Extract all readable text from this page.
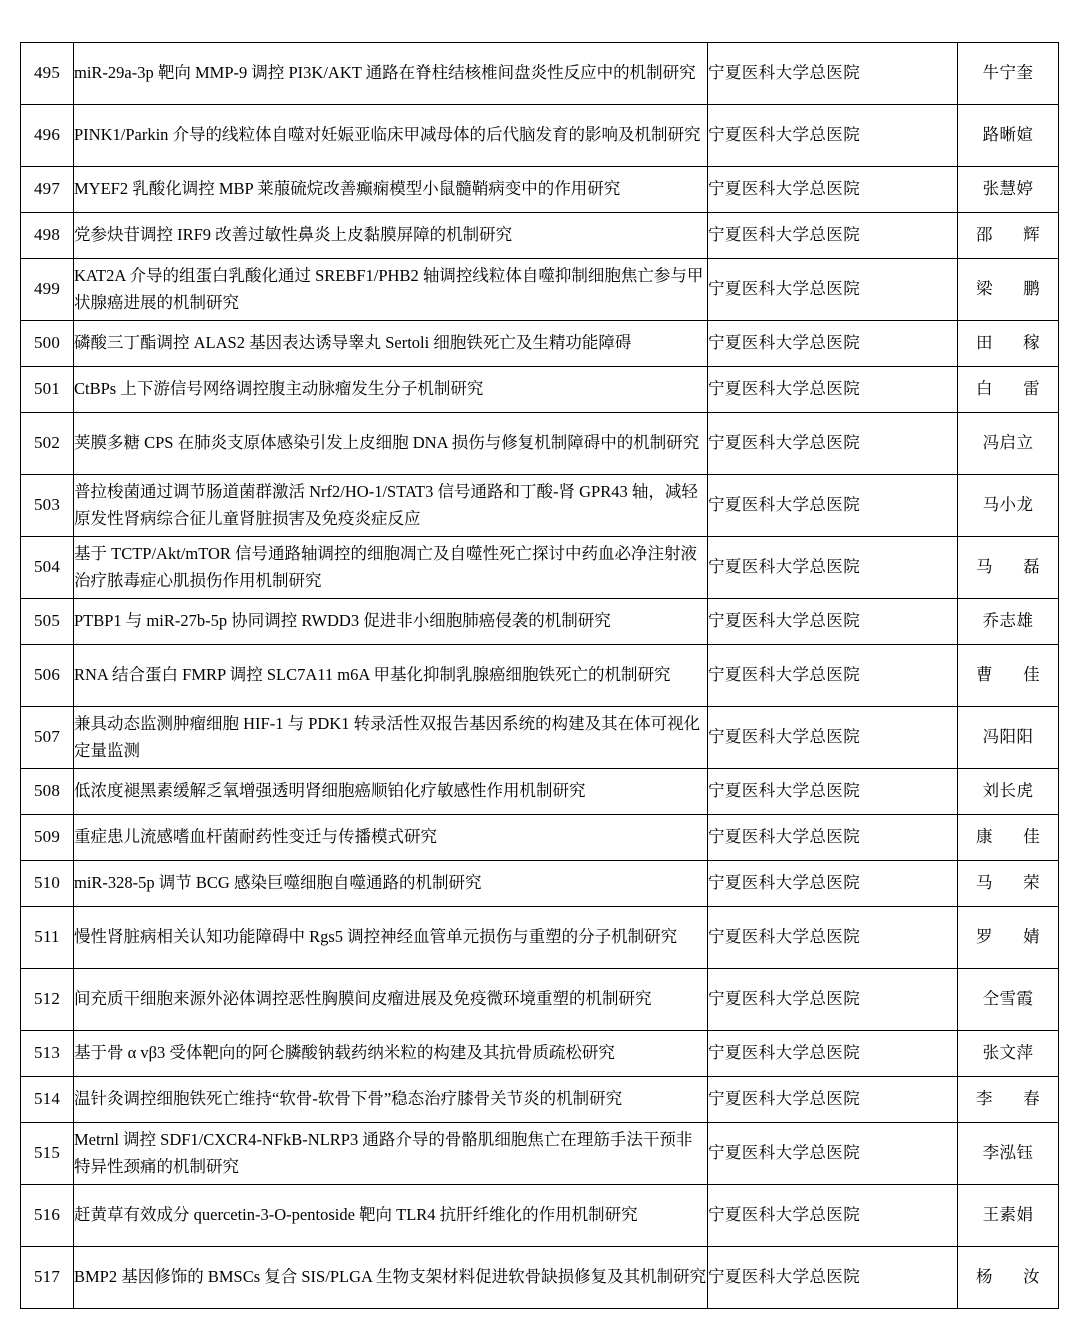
495	miR-29a-3p 靶向 MMP-9 调控 PI3K/AKT 通路在脊柱结核椎间盘炎性反应中的机制研究	宁夏医科大学总医院	牛宁奎
496	PINK1/Parkin 介导的线粒体自噬对妊娠亚临床甲减母体的后代脑发育的影响及机制研究	宁夏医科大学总医院	路晰媗
497	MYEF2 乳酸化调控 MBP 莱菔硫烷改善癫痫模型小鼠髓鞘病变中的作用研究	宁夏医科大学总医院	张慧婷
498	党参炔苷调控 IRF9 改善过敏性鼻炎上皮黏膜屏障的机制研究	宁夏医科大学总医院	邵辉
499	KAT2A 介导的组蛋白乳酸化通过 SREBF1/PHB2 轴调控线粒体自噬抑制细胞焦亡参与甲状腺癌进展的机制研究	宁夏医科大学总医院	梁鹏
500	磷酸三丁酯调控 ALAS2 基因表达诱导睾丸 Sertoli 细胞铁死亡及生精功能障碍	宁夏医科大学总医院	田稼
501	CtBPs 上下游信号网络调控腹主动脉瘤发生分子机制研究	宁夏医科大学总医院	白雷
502	荚膜多糖 CPS 在肺炎支原体感染引发上皮细胞 DNA 损伤与修复机制障碍中的机制研究	宁夏医科大学总医院	冯启立
503	普拉梭菌通过调节肠道菌群激活 Nrf2/HO-1/STAT3 信号通路和丁酸-肾 GPR43 轴，减轻原发性肾病综合征儿童肾脏损害及免疫炎症反应	宁夏医科大学总医院	马小龙
504	基于 TCTP/Akt/mTOR 信号通路轴调控的细胞凋亡及自噬性死亡探讨中药血必净注射液治疗脓毒症心肌损伤作用机制研究	宁夏医科大学总医院	马磊
505	PTBP1 与 miR-27b-5p 协同调控 RWDD3 促进非小细胞肺癌侵袭的机制研究	宁夏医科大学总医院	乔志雄
506	RNA 结合蛋白 FMRP 调控 SLC7A11 m6A 甲基化抑制乳腺癌细胞铁死亡的机制研究	宁夏医科大学总医院	曹佳
507	兼具动态监测肿瘤细胞 HIF-1 与 PDK1 转录活性双报告基因系统的构建及其在体可视化定量监测	宁夏医科大学总医院	冯阳阳
508	低浓度褪黑素缓解乏氧增强透明肾细胞癌顺铂化疗敏感性作用机制研究	宁夏医科大学总医院	刘长虎
509	重症患儿流感嗜血杆菌耐药性变迁与传播模式研究	宁夏医科大学总医院	康佳
510	miR-328-5p 调节 BCG 感染巨噬细胞自噬通路的机制研究	宁夏医科大学总医院	马荣
511	慢性肾脏病相关认知功能障碍中 Rgs5 调控神经血管单元损伤与重塑的分子机制研究	宁夏医科大学总医院	罗婧
512	间充质干细胞来源外泌体调控恶性胸膜间皮瘤进展及免疫微环境重塑的机制研究	宁夏医科大学总医院	仝雪霞
513	基于骨 α vβ3 受体靶向的阿仑膦酸钠载药纳米粒的构建及其抗骨质疏松研究	宁夏医科大学总医院	张文萍
514	温针灸调控细胞铁死亡维持“软骨-软骨下骨”稳态治疗膝骨关节炎的机制研究	宁夏医科大学总医院	李春
515	Metrnl 调控 SDF1/CXCR4-NFkB-NLRP3 通路介导的骨骼肌细胞焦亡在理筋手法干预非特异性颈痛的机制研究	宁夏医科大学总医院	李泓钰
516	赶黄草有效成分 quercetin-3-O-pentoside 靶向 TLR4 抗肝纤维化的作用机制研究	宁夏医科大学总医院	王素娟
517	BMP2 基因修饰的 BMSCs 复合 SIS/PLGA 生物支架材料促进软骨缺损修复及其机制研究	宁夏医科大学总医院	杨汝
